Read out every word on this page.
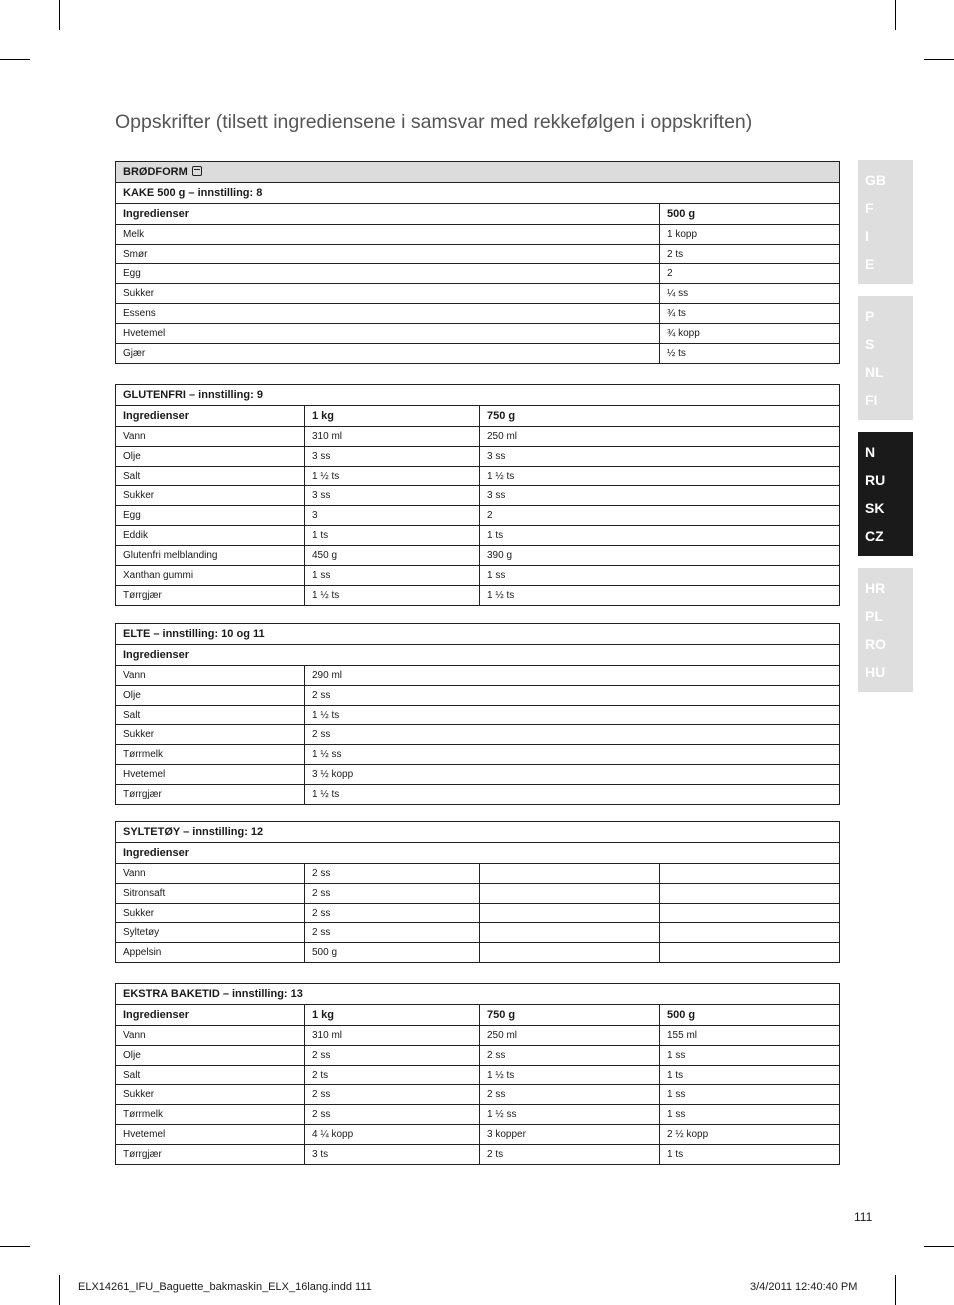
Oppskrifter (tilsett ingrediensene i samsvar med rekkefølgen i oppskriften)
BRØDFORM	
KAKE 500 g – innstilling: 8	
Ingredienser	500 g
Melk	1 kopp
Smør	2 ts
Egg	2
Sukker	¼ ss
Essens	¾ ts
Hvetemel	¾ kopp
Gjær	½ ts
GLUTENFRI – innstilling: 9		
Ingredienser	1 kg	750 g
Vann	310 ml	250 ml
Olje	3 ss	3 ss
Salt	1 ½ ts	1 ½ ts
Sukker	3 ss	3 ss
Egg	3	2
Eddik	1 ts	1 ts
Glutenfri melblanding	450 g	390 g
Xanthan gummi	1 ss	1 ss
Tørrgjær	1 ½ ts	1 ½ ts
ELTE – innstilling: 10 og 11	
Ingredienser	
Vann	290 ml
Olje	2 ss
Salt	1 ½ ts
Sukker	2 ss
Tørrmelk	1 ½ ss
Hvetemel	3 ½ kopp
Tørrgjær	1 ½ ts
SYLTETØY – innstilling: 12			
Ingredienser			
Vann	2 ss		
Sitronsaft	2 ss		
Sukker	2 ss		
Syltetøy	2 ss		
Appelsin	500 g		
EKSTRA BAKETID – innstilling: 13			
Ingredienser	1 kg	750 g	500 g
Vann	310 ml	250 ml	155 ml
Olje	2 ss	2 ss	1 ss
Salt	2 ts	1 ½ ts	1 ts
Sukker	2 ss	2 ss	1 ss
Tørrmelk	2 ss	1 ½ ss	1 ss
Hvetemel	4 ¼ kopp	3 kopper	2 ½ kopp
Tørrgjær	3 ts	2 ts	1 ts
GB
F
I
E
P
S
NL
FI
N
RU
SK
CZ
HR
PL
RO
HU
111
ELX14261_IFU_Baguette_bakmaskin_ELX_16lang.indd 111	3/4/2011 12:40:40 PM
